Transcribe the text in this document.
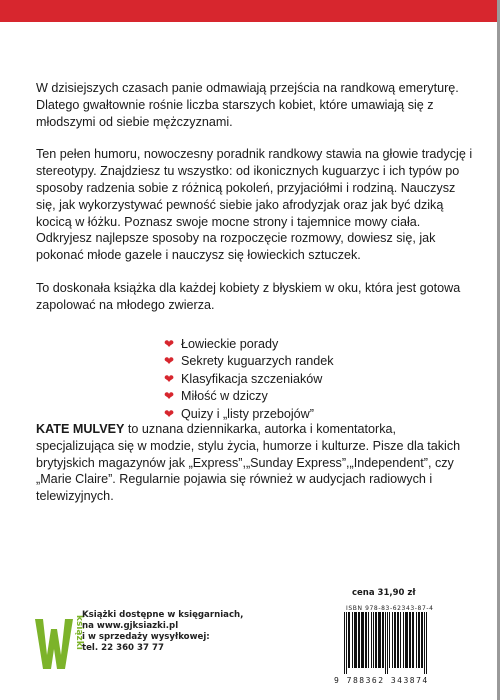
W dzisiejszych czasach panie odmawiają przejścia na randkową emeryturę. Dlatego gwałtownie rośnie liczba starszych kobiet, które umawiają się z młodszymi od siebie mężczyznami.

Ten pełen humoru, nowoczesny poradnik randkowy stawia na głowie tradycję i stereotypy. Znajdziesz tu wszystko: od ikonicznych kuguarzyc i ich typów po sposoby radzenia sobie z różnicą pokoleń, przyjaciółmi i rodziną. Nauczysz się, jak wykorzystywać pewność siebie jako afrodyzjak oraz jak być dziką kocicą w łóżku. Poznasz swoje mocne strony i tajemnice mowy ciała. Odkryjesz najlepsze sposoby na rozpoczęcie rozmowy, dowiesz się, jak pokonać młode gazele i nauczysz się łowieckich sztuczek.

To doskonała książka dla każdej kobiety z błyskiem w oku, która jest gotowa zapolować na młodego zwierza.

❤ Łowieckie porady
❤ Sekrety kuguarzych randek
❤ Klasyfikacja szczeniaków
❤ Miłość w dziczy
❤ Quizy i „listy przebojów”

KATE MULVEY to uznana dziennikarka, autorka i komentatorka, specjalizująca się w modzie, stylu życia, humorze i kulturze. Pisze dla takich brytyjskich magazynów jak „Express”,„Sunday Express”,„Independent”, czy „Marie Claire”. Regularnie pojawia się również w audycjach radiowych i telewizyjnych.

książki
Książki dostępne w księgarniach,
na www.gjksiazki.pl
i w sprzedaży wysyłkowej:
tel. 22 360 37 77
cena 31,90 zł
ISBN 978-83-62343-87-4
9 788362 343874
